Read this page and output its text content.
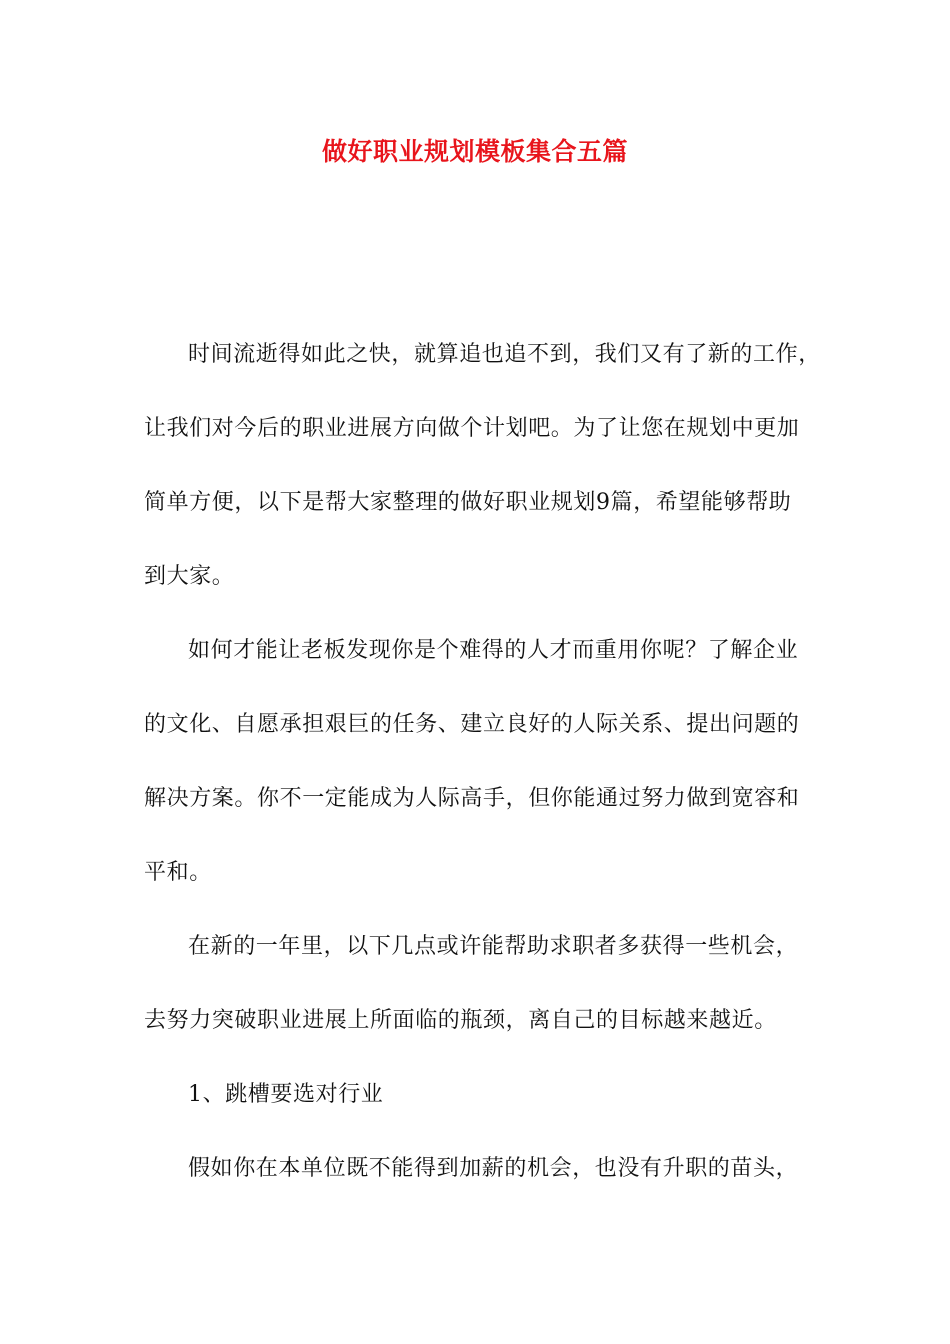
做好职业规划模板集合五篇

时间流逝得如此之快，就算追也追不到，我们又有了新的工作，
让我们对今后的职业进展方向做个计划吧。为了让您在规划中更加
简单方便，以下是帮大家整理的做好职业规划9篇，希望能够帮助
到大家。

如何才能让老板发现你是个难得的人才而重用你呢？了解企业
的文化、自愿承担艰巨的任务、建立良好的人际关系、提出问题的
解决方案。你不一定能成为人际高手，但你能通过努力做到宽容和
平和。

在新的一年里，以下几点或许能帮助求职者多获得一些机会，
去努力突破职业进展上所面临的瓶颈，离自己的目标越来越近。

1、跳槽要选对行业

假如你在本单位既不能得到加薪的机会，也没有升职的苗头，
